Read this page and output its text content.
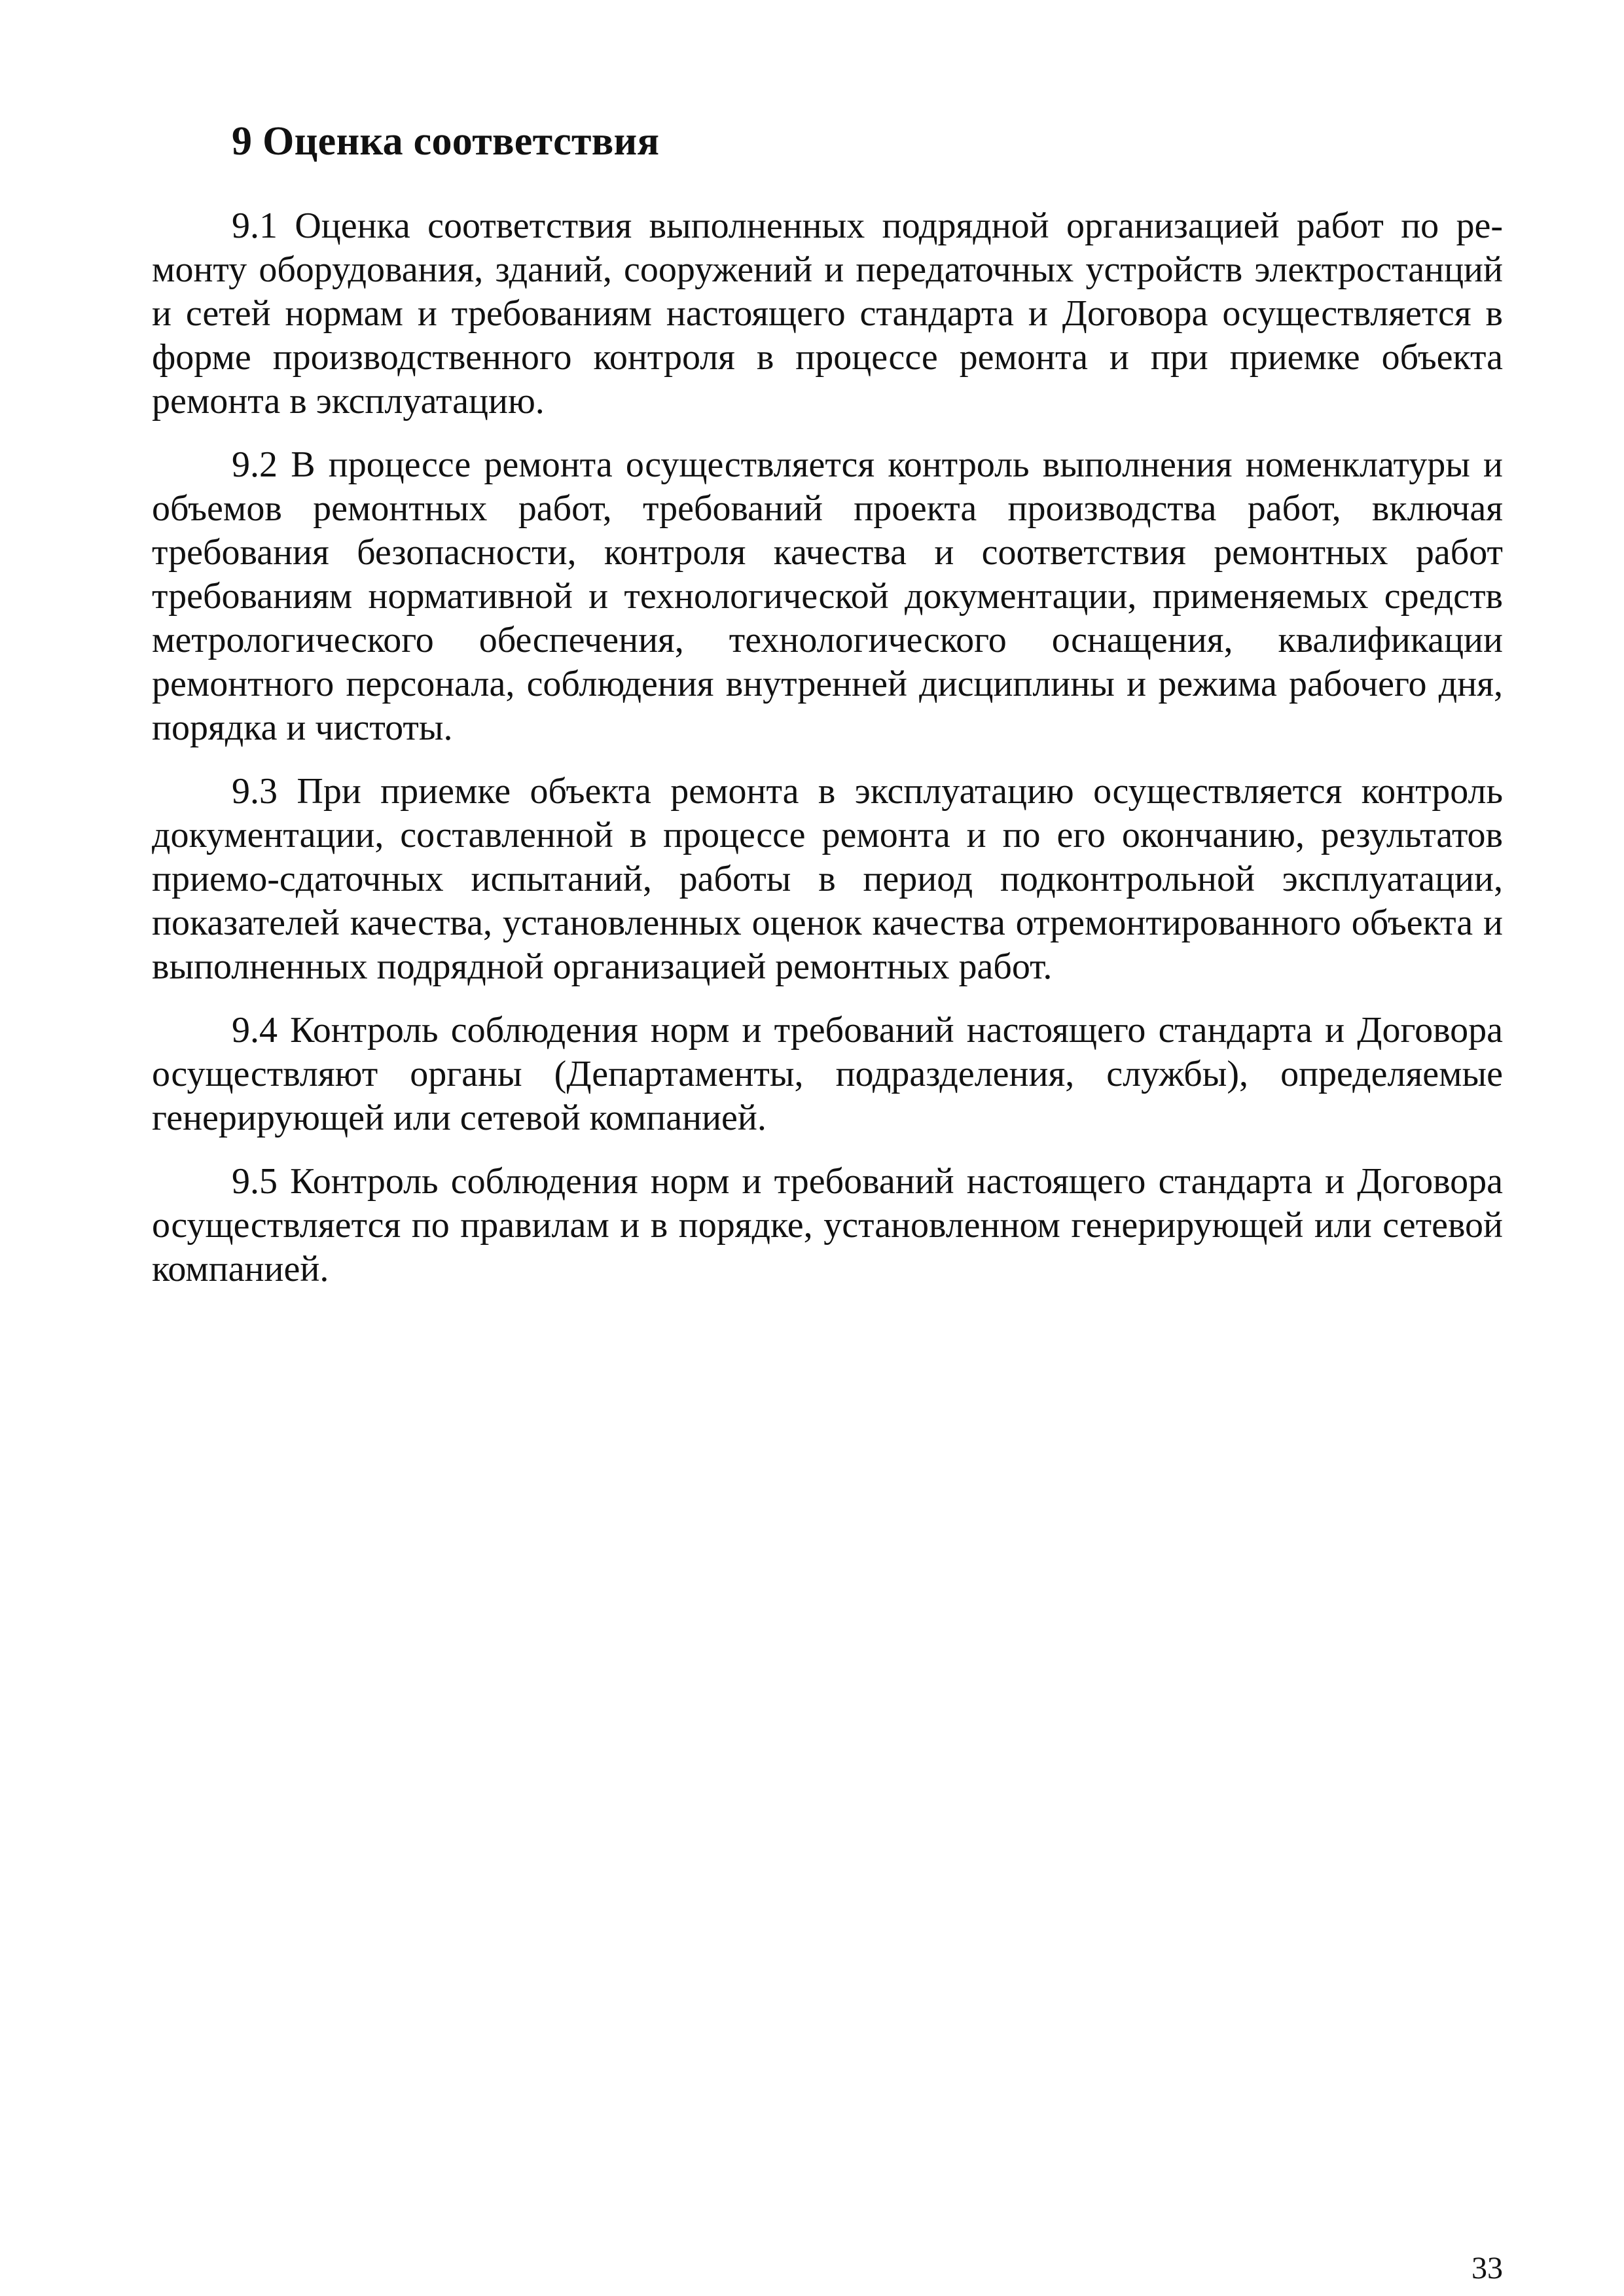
9 Оценка соответствия

9.1 Оценка соответствия выполненных подрядной организацией работ по ремонту оборудования, зданий, сооружений и передаточных устройств электростанций и сетей нормам и требованиям настоящего стандарта и Договора осуществляется в форме производственного контроля в процессе ремонта и при приемке объекта ремонта в эксплуатацию.

9.2 В процессе ремонта осуществляется контроль выполнения номенклатуры и объемов ремонтных работ, требований проекта производства работ, включая требования безопасности, контроля качества и соответствия ремонтных работ требованиям нормативной и технологической документации, применяемых средств метрологического обеспечения, технологического оснащения, квалификации ремонтного персонала, соблюдения внутренней дисциплины и режима рабочего дня, порядка и чистоты.

9.3 При приемке объекта ремонта в эксплуатацию осуществляется контроль документации, составленной в процессе ремонта и по его окончанию, результатов приемо-сдаточных испытаний, работы в период подконтрольной эксплуатации, показателей качества, установленных оценок качества отремонтированного объекта и выполненных подрядной организацией ремонтных работ.

9.4 Контроль соблюдения норм и требований настоящего стандарта и Договора осуществляют органы (Департаменты, подразделения, службы), определяемые генерирующей или сетевой компанией.

9.5 Контроль соблюдения норм и требований настоящего стандарта и Договора осуществляется по правилам и в порядке, установленном генерирующей или сетевой компанией.

33
